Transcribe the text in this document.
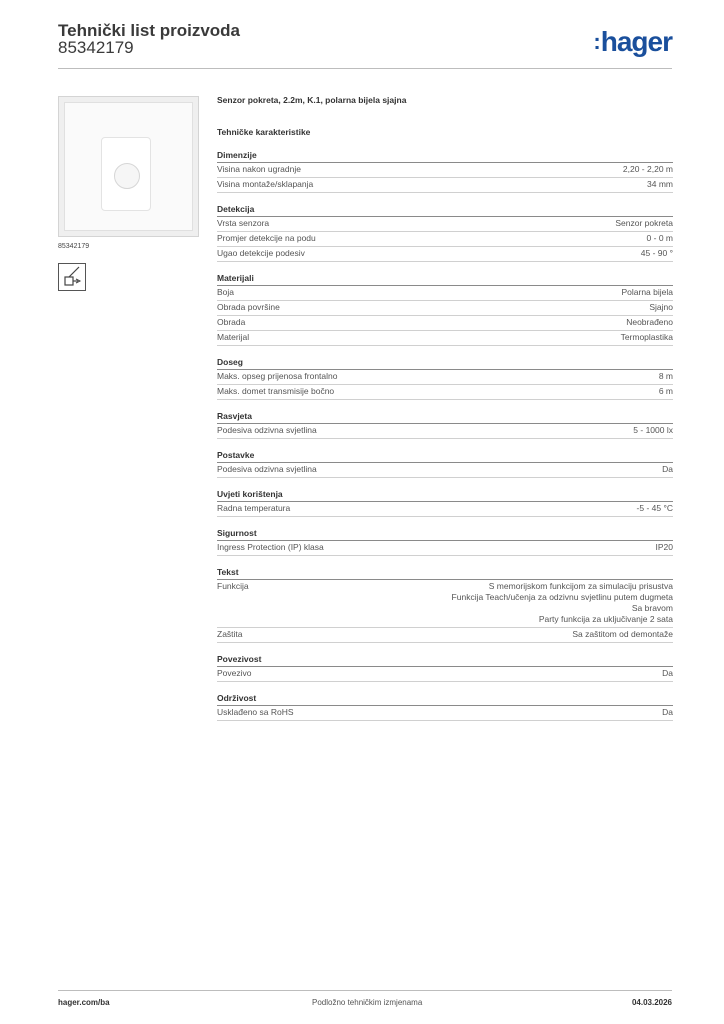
Tehnički list proizvoda
85342179	:hager
85342179
Senzor pokreta, 2.2m, K.1, polarna bijela sjajna
Tehničke karakteristike
Dimenzije
Visina nakon ugradnje	2,20 - 2,20 m
Visina montaže/sklapanja	34 mm
Detekcija
Vrsta senzora	Senzor pokreta
Promjer detekcije na podu	0 - 0 m
Ugao detekcije podesiv	45 - 90 °
Materijali
Boja	Polarna bijela
Obrada površine	Sjajno
Obrada	Neobrađeno
Materijal	Termoplastika
Doseg
Maks. opseg prijenosa frontalno	8 m
Maks. domet transmisije bočno	6 m
Rasvjeta
Podesiva odzivna svjetlina	5 - 1000 lx
Postavke
Podesiva odzivna svjetlina	Da
Uvjeti korištenja
Radna temperatura	-5 - 45 °C
Sigurnost
Ingress Protection (IP) klasa	IP20
Tekst
Funkcija	S memorijskom funkcijom za simulaciju prisustva
Funkcija Teach/učenja za odzivnu svjetlinu putem dugmeta
Sa bravom
Party funkcija za uključivanje 2 sata
Zaštita	Sa zaštitom od demontaže
Povezivost
Povezivo	Da
Održivost
Usklađeno sa RoHS	Da
hager.com/ba	Podložno tehničkim izmjenama	04.03.2026
